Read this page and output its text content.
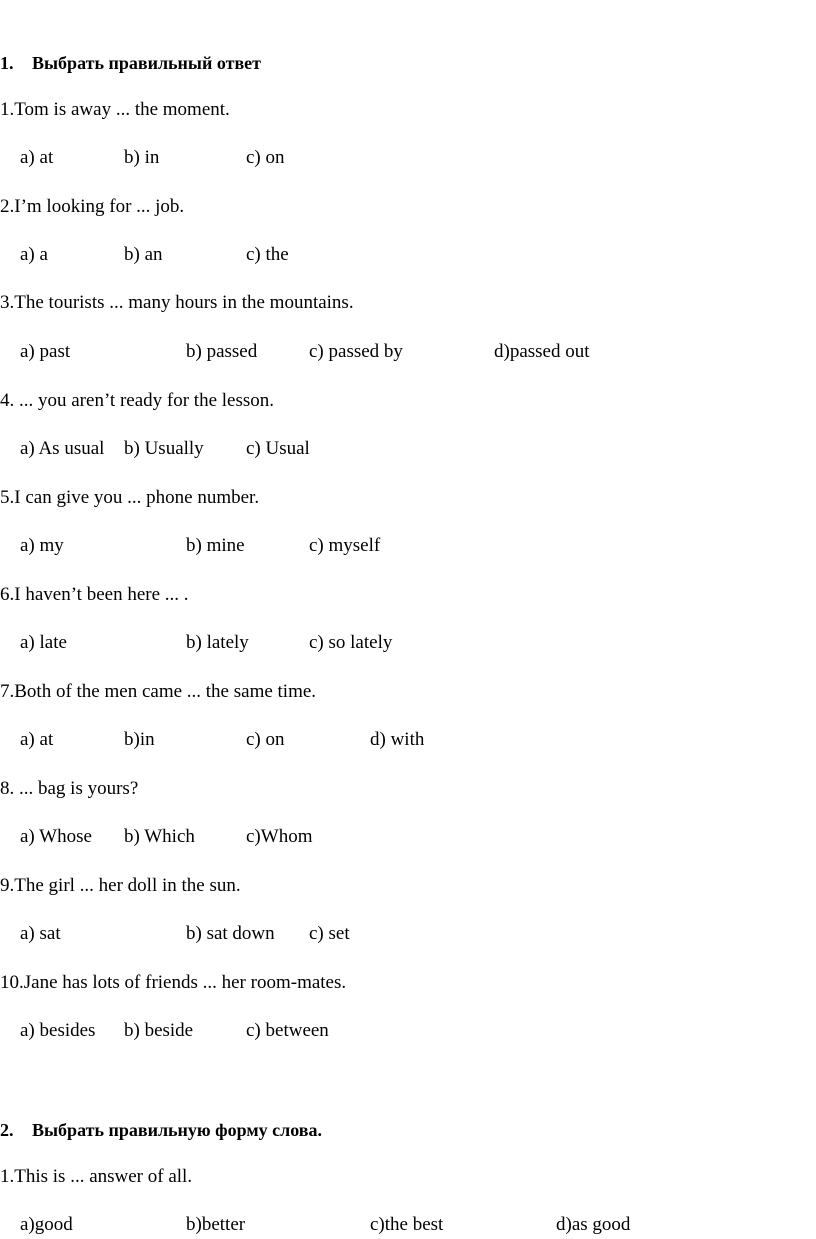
1. Выбрать правильный ответ
1.Tom is away ... the moment.
a) at	b) in	c) on
2.I’m looking for ... job.
a) a	b) an	c) the
3.The tourists ... many hours in the mountains.
a) past	b) passed	c) passed by	d)passed out
4. ... you aren’t ready for the lesson.
a) As usual b) Usually c) Usual
5.I can give you ... phone number.
a) my	b) mine	c) myself
6.I haven’t been here ... .
a) late	b) lately	c) so lately
7.Both of the men came ... the same time.
a) at	b)in	c) on	d) with
8. ... bag is yours?
a) Whose b) Which	c)Whom
9.The girl ... her doll in the sun.
a) sat	b) sat down c) set
10.Jane has lots of friends ... her room-mates.
a) besides b) beside	c) between
2. Выбрать правильную форму слова.
1.This is ... answer of all.
a)good	b)better	c)the best	d)as good
